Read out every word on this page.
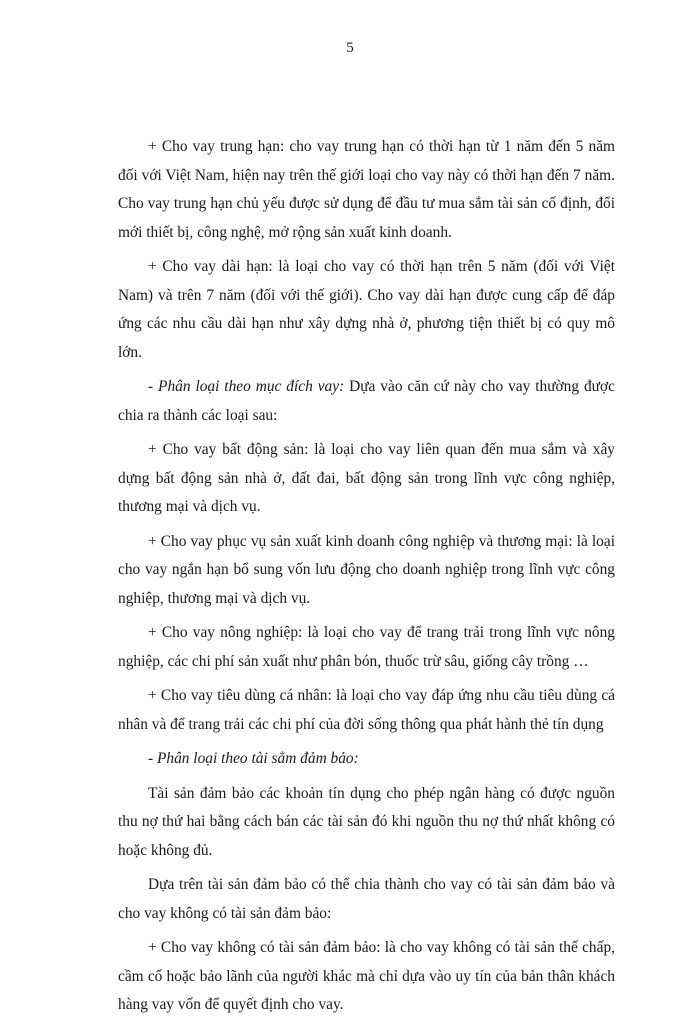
5

+ Cho vay trung hạn: cho vay trung hạn có thời hạn từ 1 năm đến 5 năm đối với Việt Nam, hiện nay trên thế giới loại cho vay này có thời hạn đến 7 năm. Cho vay trung hạn chủ yếu được sử dụng để đầu tư mua sắm tài sản cố định, đổi mới thiết bị, công nghệ, mở rộng sản xuất kinh doanh.

+ Cho vay dài hạn: là loại cho vay có thời hạn trên 5 năm (đối với Việt Nam) và trên 7 năm (đối với thế giới). Cho vay dài hạn được cung cấp để đáp ứng các nhu cầu dài hạn như xây dựng nhà ở, phương tiện thiết bị có quy mô lớn.

- Phân loại theo mục đích vay: Dựa vào căn cứ này cho vay thường được chia ra thành các loại sau:

+ Cho vay bất động sản: là loại cho vay liên quan đến mua sắm và xây dựng bất động sản nhà ở, đất đai, bất động sản trong lĩnh vực công nghiệp, thương mại và dịch vụ.

+ Cho vay phục vụ sản xuất kinh doanh công nghiệp và thương mại: là loại cho vay ngắn hạn bổ sung vốn lưu động cho doanh nghiệp trong lĩnh vực công nghiệp, thương mại và dịch vụ.

+ Cho vay nông nghiệp: là loại cho vay để trang trải trong lĩnh vực nông nghiệp, các chi phí sản xuất như phân bón, thuốc trừ sâu, giống cây trồng …

+ Cho vay tiêu dùng cá nhân: là loại cho vay đáp ứng nhu cầu tiêu dùng cá nhân và để trang trải các chi phí của đời sống thông qua phát hành thẻ tín dụng

- Phân loại theo tài sẳm đảm bảo:

Tài sản đảm bảo các khoản tín dụng cho phép ngân hàng có được nguồn thu nợ thứ hai bằng cách bán các tài sản đó khi nguồn thu nợ thứ nhất không có hoặc không đủ.

Dựa trên tài sản đảm bảo có thể chia thành cho vay có tài sản đảm bảo và cho vay không có tài sản đảm bảo:

+ Cho vay không có tài sản đảm bảo: là cho vay không có tài sản thế chấp, cầm cố hoặc bảo lãnh của người khác mà chỉ dựa vào uy tín của bản thân khách hàng vay vốn để quyết định cho vay.
